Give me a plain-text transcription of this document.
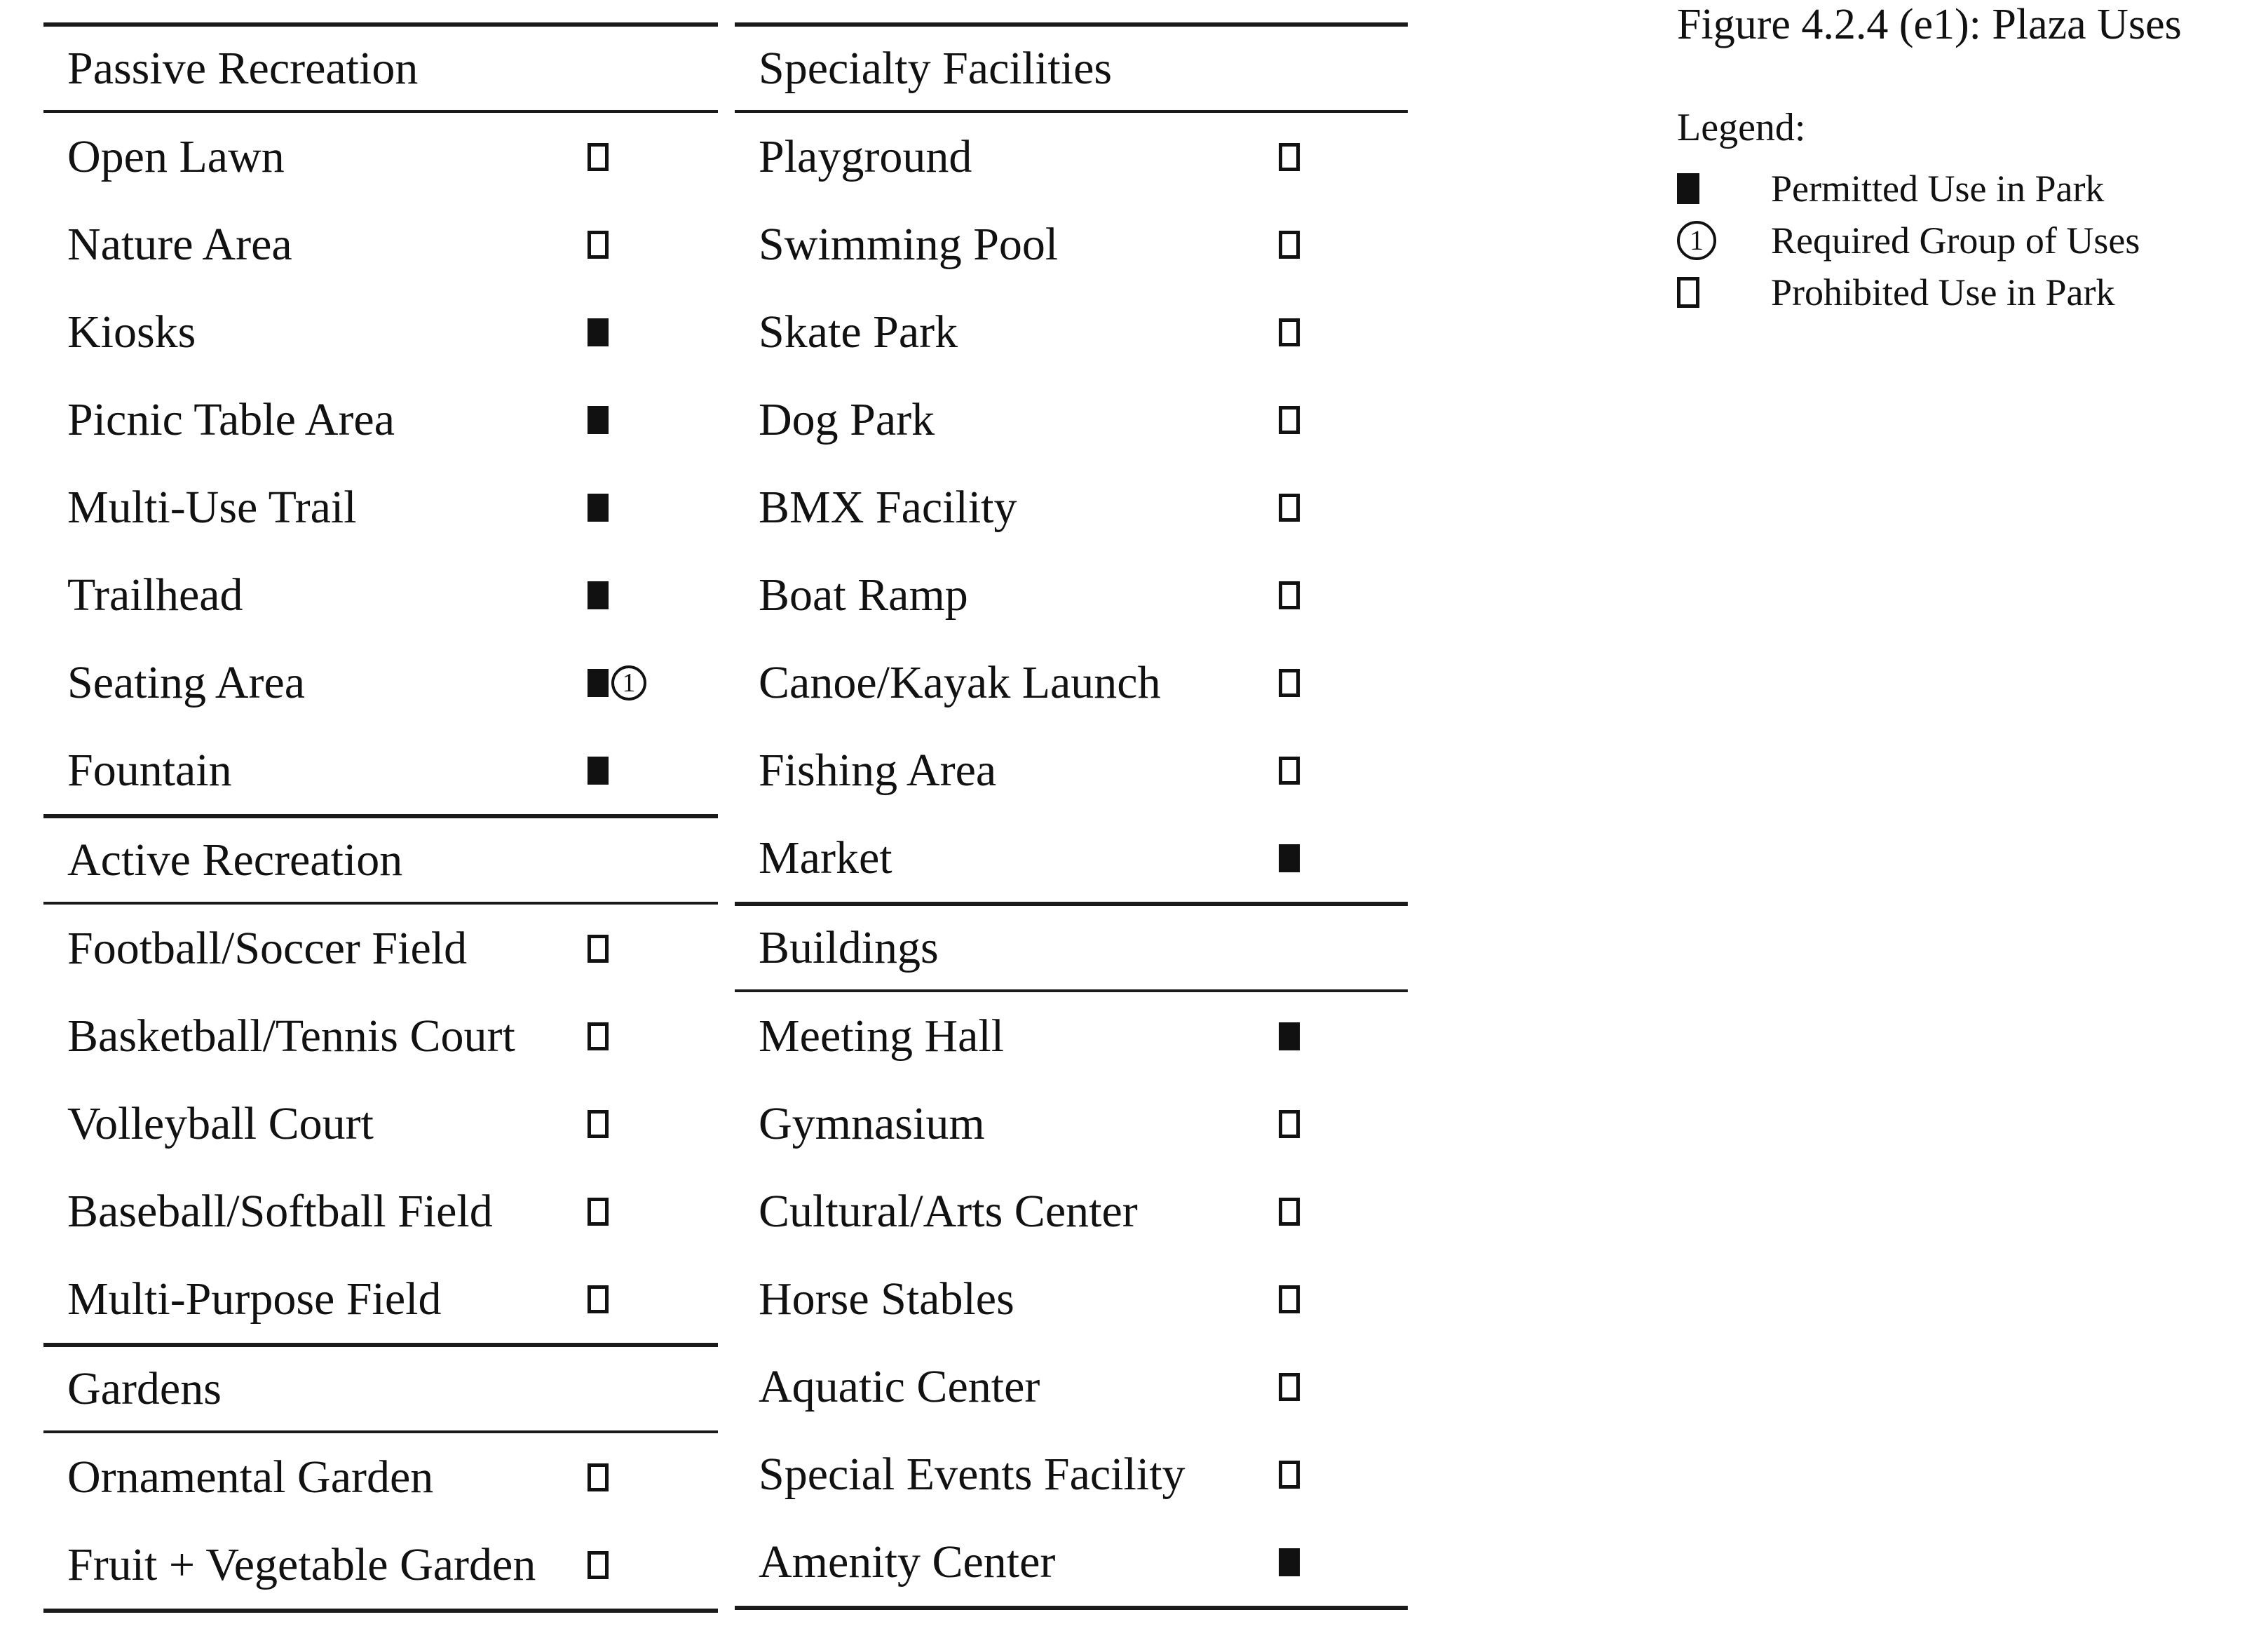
Passive Recreation
Open Lawn
Nature Area
Kiosks
Picnic Table Area
Multi-Use Trail
Trailhead
Seating Area	1
Fountain
Active Recreation
Football/Soccer Field
Basketball/Tennis Court
Volleyball Court
Baseball/Softball Field
Multi-Purpose Field
Gardens
Ornamental Garden
Fruit + Vegetable Garden
Specialty Facilities
Playground
Swimming Pool
Skate Park
Dog Park
BMX Facility
Boat Ramp
Canoe/Kayak Launch
Fishing Area
Market
Buildings
Meeting Hall
Gymnasium
Cultural/Arts Center
Horse Stables
Aquatic Center
Special Events Facility
Amenity Center
Figure 4.2.4 (e1): Plaza Uses
Legend:
Permitted Use in Park
1	Required Group of Uses
Prohibited Use in Park
